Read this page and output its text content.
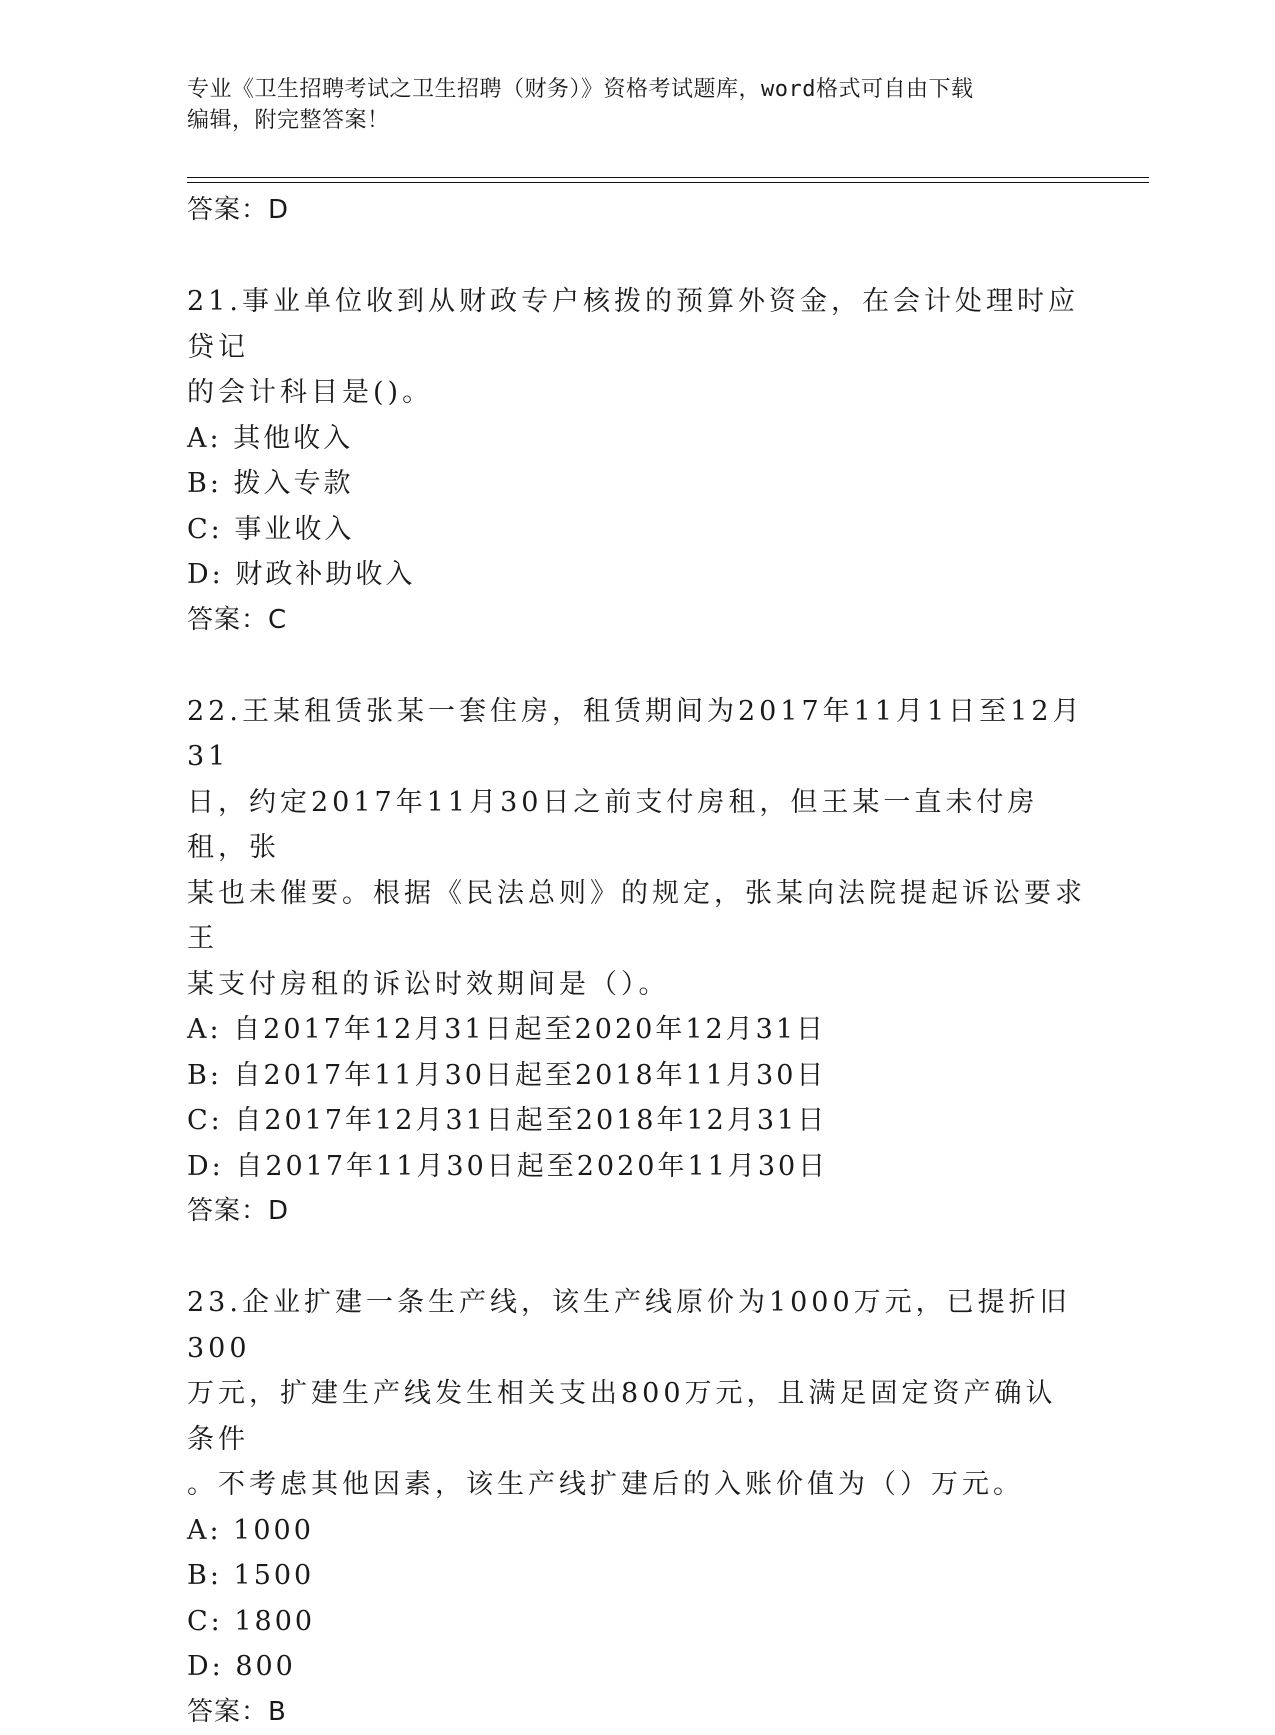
专业《卫生招聘考试之卫生招聘（财务）》资格考试题库，word格式可自由下载
编辑，附完整答案！
答案：D
21.事业单位收到从财政专户核拨的预算外资金，在会计处理时应贷记
的会计科目是()。
A: 其他收入
B: 拨入专款
C: 事业收入
D: 财政补助收入
答案：C
22.王某租赁张某一套住房，租赁期间为2017年11月1日至12月31
日，约定2017年11月30日之前支付房租，但王某一直未付房租，张
某也未催要。根据《民法总则》的规定，张某向法院提起诉讼要求王
某支付房租的诉讼时效期间是（）。
A: 自2017年12月31日起至2020年12月31日
B: 自2017年11月30日起至2018年11月30日
C: 自2017年12月31日起至2018年12月31日
D: 自2017年11月30日起至2020年11月30日
答案：D
23.企业扩建一条生产线，该生产线原价为1000万元，已提折旧300
万元，扩建生产线发生相关支出800万元，且满足固定资产确认条件
。不考虑其他因素，该生产线扩建后的入账价值为（）万元。
A: 1000
B: 1500
C: 1800
D: 800
答案：B
